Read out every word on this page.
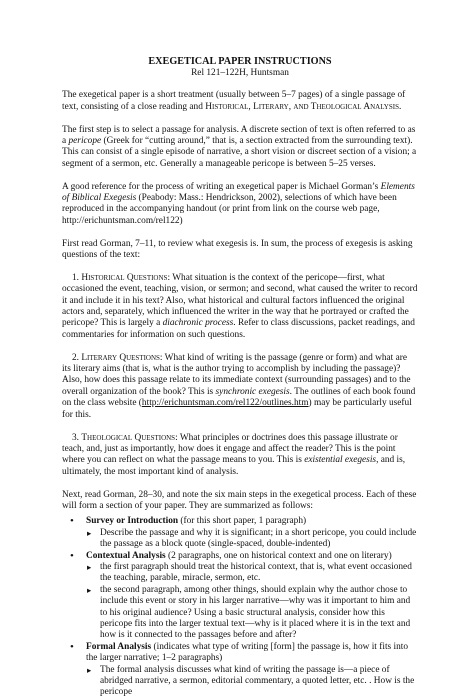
EXEGETICAL PAPER INSTRUCTIONS
Rel 121–122H, Huntsman

The exegetical paper is a short treatment (usually between 5–7 pages) of a single passage of text, consisting of a close reading and Historical, Literary, and Theological Analysis.

The first step is to select a passage for analysis. A discrete section of text is often referred to as a pericope (Greek for “cutting around,” that is, a section extracted from the surrounding text). This can consist of a single episode of narrative, a short vision or discreet section of a vision; a segment of a sermon, etc. Generally a manageable pericope is between 5–25 verses.

A good reference for the process of writing an exegetical paper is Michael Gorman’s Elements of Biblical Exegesis (Peabody: Mass.: Hendrickson, 2002), selections of which have been reproduced in the accompanying handout (or print from link on the course web page, http://erichuntsman.com/rel122)

First read Gorman, 7–11, to review what exegesis is. In sum, the process of exegesis is asking questions of the text:

1. Historical Questions: What situation is the context of the pericope—first, what occasioned the event, teaching, vision, or sermon; and second, what caused the writer to record it and include it in his text? Also, what historical and cultural factors influenced the original actors and, separately, which influenced the writer in the way that he portrayed or crafted the pericope? This is largely a diachronic process. Refer to class discussions, packet readings, and commentaries for information on such questions.

2. Literary Questions: What kind of writing is the passage (genre or form) and what are its literary aims (that is, what is the author trying to accomplish by including the passage)? Also, how does this passage relate to its immediate context (surrounding passages) and to the overall organization of the book? This is synchronic exegesis. The outlines of each book found on the class website (http://erichuntsman.com/rel122/outlines.htm) may be particularly useful for this.

3. Theological Questions: What principles or doctrines does this passage illustrate or teach, and, just as importantly, how does it engage and affect the reader? This is the point where you can reflect on what the passage means to you. This is existential exegesis, and is, ultimately, the most important kind of analysis.

Next, read Gorman, 28–30, and note the six main steps in the exegetical process. Each of these will form a section of your paper. They are summarized as follows:

• Survey or Introduction (for this short paper, 1 paragraph)
▸ Describe the passage and why it is significant; in a short pericope, you could include the passage as a block quote (single-spaced, double-indented)
• Contextual Analysis (2 paragraphs, one on historical context and one on literary)
▸ the first paragraph should treat the historical context, that is, what event occasioned the teaching, parable, miracle, sermon, etc.
▸ the second paragraph, among other things, should explain why the author chose to include this event or story in his larger narrative—why was it important to him and to his original audience? Using a basic structural analysis, consider how this pericope fits into the larger textual text—why is it placed where it is in the text and how is it connected to the passages before and after?
• Formal Analysis (indicates what type of writing [form] the passage is, how it fits into the larger narrative; 1–2 paragraphs)
▸ The formal analysis discusses what kind of writing the passage is—a piece of abridged narrative, a sermon, editorial commentary, a quoted letter, etc. . How is the pericope
